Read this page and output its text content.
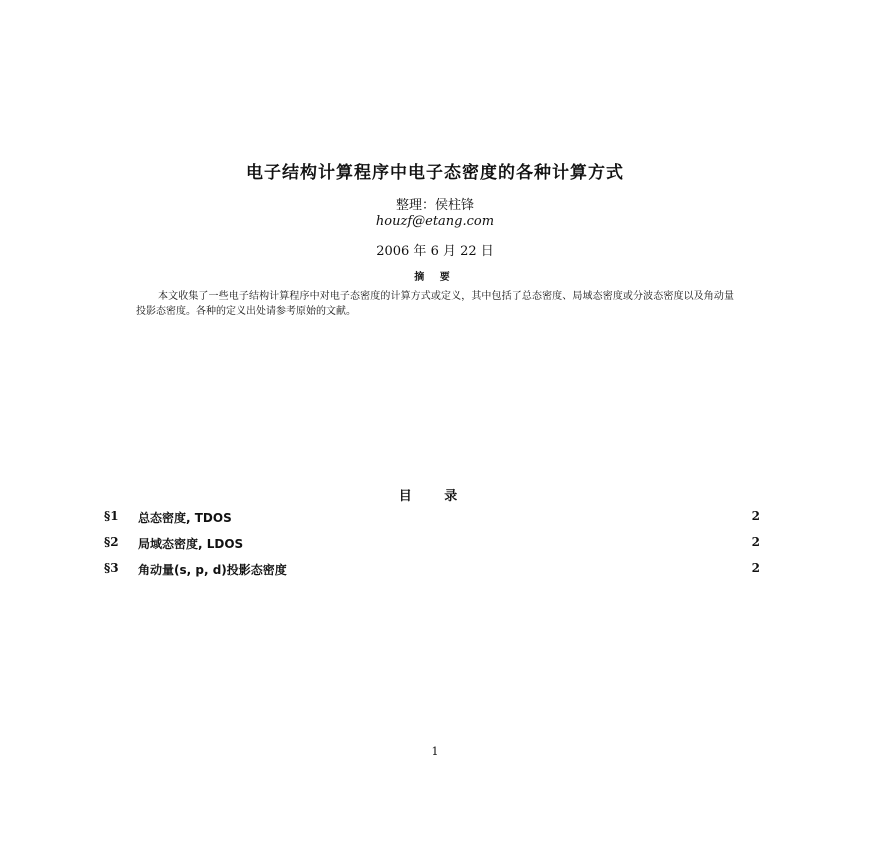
电子结构计算程序中电子态密度的各种计算方式
整理：侯柱锋
houzf@etang.com
2006 年 6 月 22 日
摘 要
本文收集了一些电子结构计算程序中对电子态密度的计算方式或定义，其中包括了总态密度、局域态密度或分波态密度以及角动量投影态密度。各种的定义出处请参考原始的文献。
目 录
§1 总态密度, TDOS	2
§2 局域态密度, LDOS	2
§3 角动量(s, p, d)投影态密度	2
1
